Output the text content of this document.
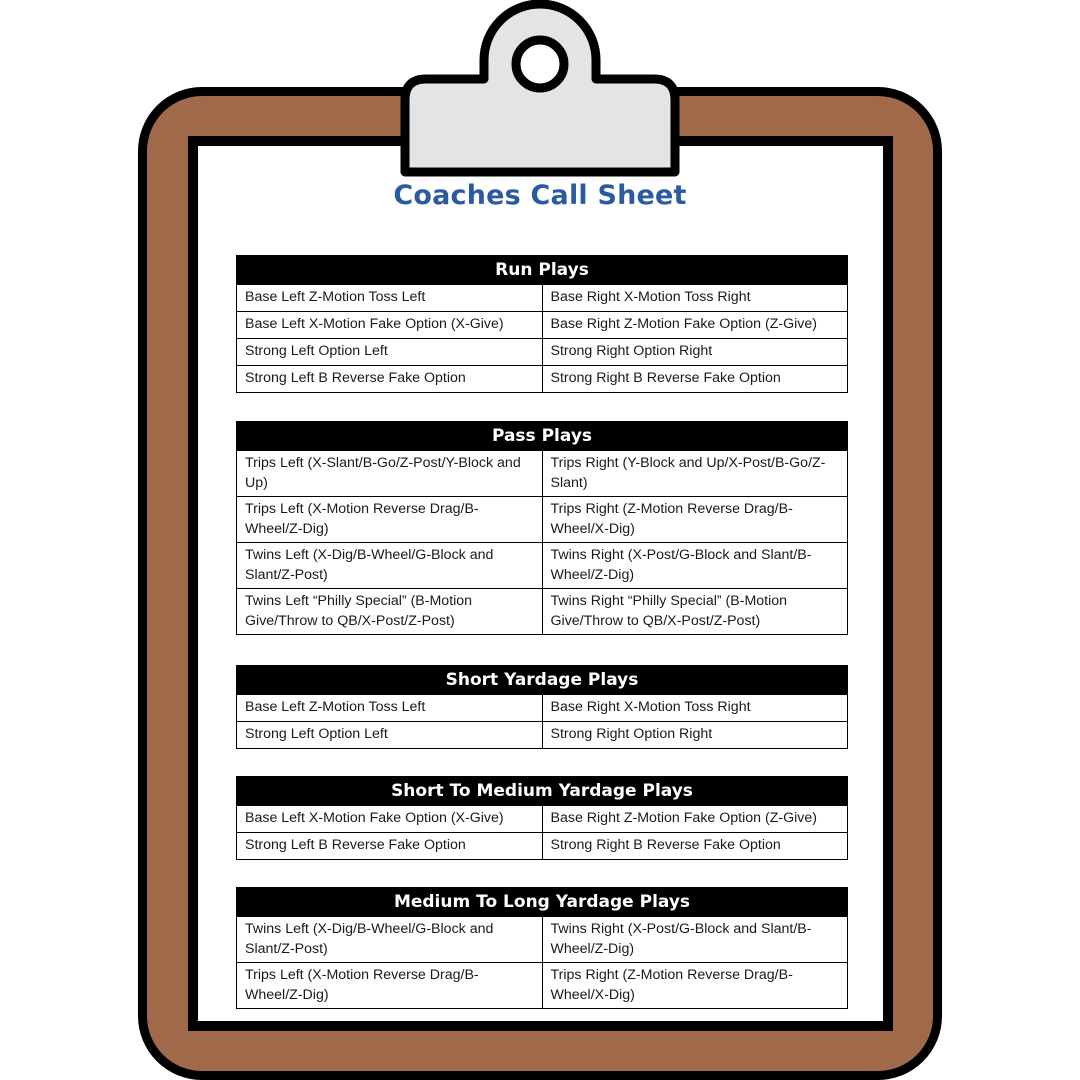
Coaches Call Sheet
Run Plays	
Base Left Z-Motion Toss Left	Base Right X-Motion Toss Right
Base Left X-Motion Fake Option (X-Give)	Base Right Z-Motion Fake Option (Z-Give)
Strong Left Option Left	Strong Right Option Right
Strong Left B Reverse Fake Option	Strong Right B Reverse Fake Option
Pass Plays	
Trips Left (X-Slant/B-Go/Z-Post/Y-Block and Up)	Trips Right (Y-Block and Up/X-Post/B-Go/Z-Slant)
Trips Left (X-Motion Reverse Drag/B-Wheel/Z-Dig)	Trips Right (Z-Motion Reverse Drag/B-Wheel/X-Dig)
Twins Left (X-Dig/B-Wheel/G-Block and Slant/Z-Post)	Twins Right (X-Post/G-Block and Slant/B-Wheel/Z-Dig)
Twins Left “Philly Special” (B-Motion Give/Throw to QB/X-Post/Z-Post)	Twins Right “Philly Special” (B-Motion Give/Throw to QB/X-Post/Z-Post)
Short Yardage Plays	
Base Left Z-Motion Toss Left	Base Right X-Motion Toss Right
Strong Left Option Left	Strong Right Option Right
Short To Medium Yardage Plays	
Base Left X-Motion Fake Option (X-Give)	Base Right Z-Motion Fake Option (Z-Give)
Strong Left B Reverse Fake Option	Strong Right B Reverse Fake Option
Medium To Long Yardage Plays	
Twins Left (X-Dig/B-Wheel/G-Block and Slant/Z-Post)	Twins Right (X-Post/G-Block and Slant/B-Wheel/Z-Dig)
Trips Left (X-Motion Reverse Drag/B-Wheel/Z-Dig)	Trips Right (Z-Motion Reverse Drag/B-Wheel/X-Dig)
